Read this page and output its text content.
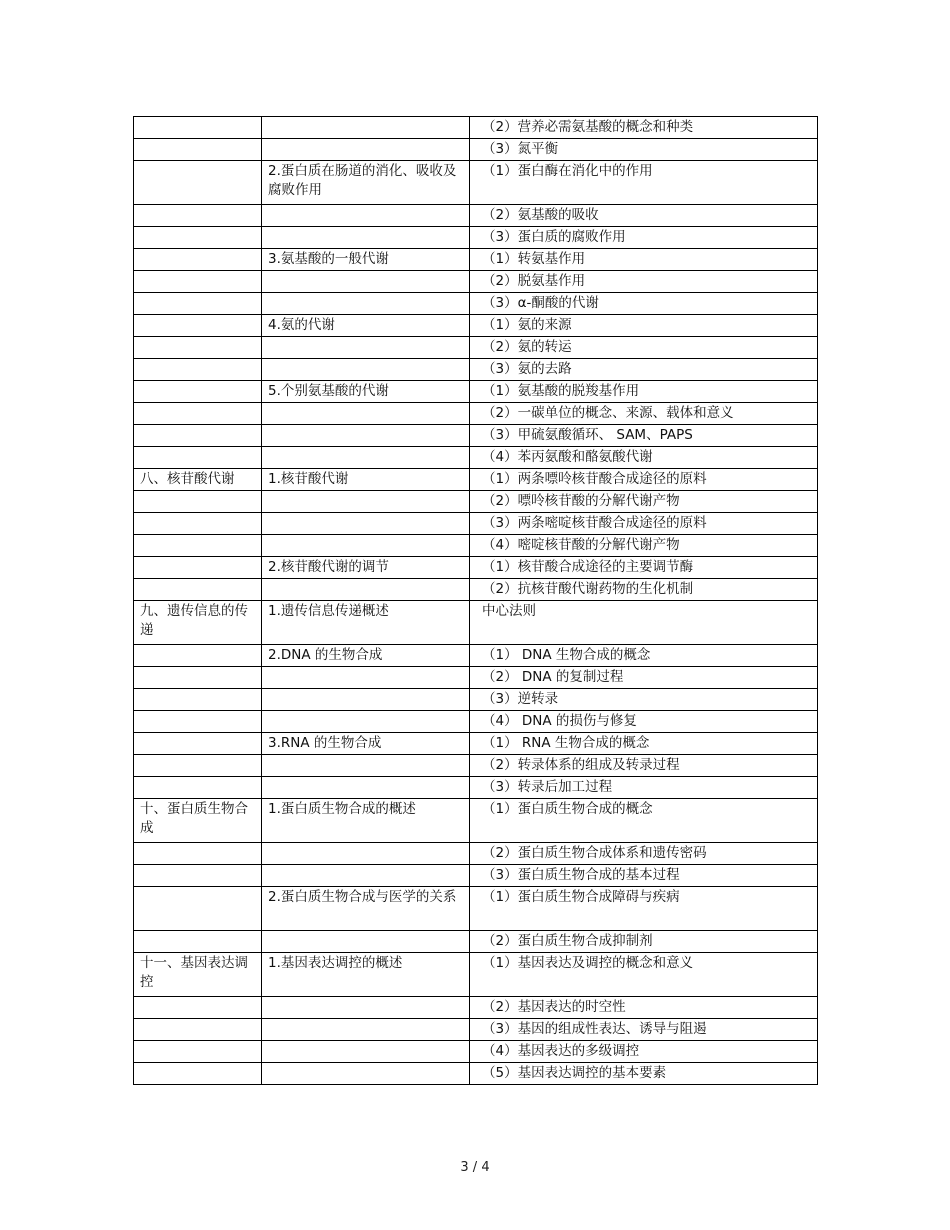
		（2）营养必需氨基酸的概念和种类
		（3）氮平衡
	2.蛋白质在肠道的消化、吸收及腐败作用	（1）蛋白酶在消化中的作用
		（2）氨基酸的吸收
		（3）蛋白质的腐败作用
	3.氨基酸的一般代谢	（1）转氨基作用
		（2）脱氨基作用
		（3）α-酮酸的代谢
	4.氨的代谢	（1）氨的来源
		（2）氨的转运
		（3）氨的去路
	5.个别氨基酸的代谢	（1）氨基酸的脱羧基作用
		（2）一碳单位的概念、来源、载体和意义
		（3）甲硫氨酸循环、 SAM、PAPS
		（4）苯丙氨酸和酪氨酸代谢
八、核苷酸代谢	1.核苷酸代谢	（1）两条嘌呤核苷酸合成途径的原料
		（2）嘌呤核苷酸的分解代谢产物
		（3）两条嘧啶核苷酸合成途径的原料
		（4）嘧啶核苷酸的分解代谢产物
	2.核苷酸代谢的调节	（1）核苷酸合成途径的主要调节酶
		（2）抗核苷酸代谢药物的生化机制
九、遗传信息的传递	1.遗传信息传递概述	中心法则
	2.DNA 的生物合成	（1） DNA 生物合成的概念
		（2） DNA 的复制过程
		（3）逆转录
		（4） DNA 的损伤与修复
	3.RNA 的生物合成	（1） RNA 生物合成的概念
		（2）转录体系的组成及转录过程
		（3）转录后加工过程
十、蛋白质生物合成	1.蛋白质生物合成的概述	（1）蛋白质生物合成的概念
		（2）蛋白质生物合成体系和遗传密码
		（3）蛋白质生物合成的基本过程
	2.蛋白质生物合成与医学的关系	（1）蛋白质生物合成障碍与疾病
		（2）蛋白质生物合成抑制剂
十一、基因表达调控	1.基因表达调控的概述	（1）基因表达及调控的概念和意义
		（2）基因表达的时空性
		（3）基因的组成性表达、诱导与阻遏
		（4）基因表达的多级调控
		（5）基因表达调控的基本要素
3 / 4
